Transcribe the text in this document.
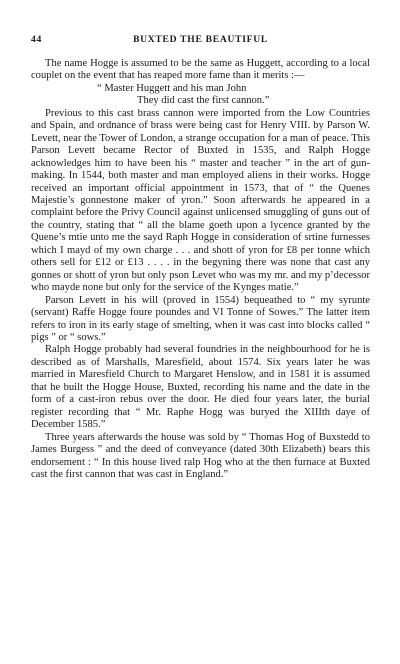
44	BUXTED THE BEAUTIFUL

The name Hogge is assumed to be the same as Huggett, according to a local couplet on the event that has reaped more fame than it merits :—

“ Master Huggett and his man John
They did cast the first cannon.”

Previous to this cast brass cannon were imported from the Low Countries and Spain, and ordnance of brass were being cast for Henry VIII. by Parson W. Levett, near the Tower of London, a strange occupation for a man of peace. This Parson Levett became Rector of Buxted in 1535, and Ralph Hogge acknowledges him to have been his “ master and teacher ” in the art of gun-making. In 1544, both master and man employed aliens in their works. Hogge received an important official appointment in 1573, that of “ the Quenes Majestie’s gonnestone maker of yron.” Soon afterwards he appeared in a complaint before the Privy Council against unlicensed smuggling of guns out of the country, stating that “ all the blame goeth upon a lycence granted by the Quene’s mtie unto me the sayd Raph Hogge in consideration of srtine furnesses which I mayd of my own charge . . . and shott of yron for £8 per tonne which others sell for £12 or £13 . . . . in the begyning there was none that cast any gonnes or shott of yron but only pson Levet who was my mr. and my p’decessor who mayde none but only for the service of the Kynges matie.”

Parson Levett in his will (proved in 1554) bequeathed to “ my syrunte (servant) Raffe Hogge foure poundes and VI Tonne of Sowes.” The latter item refers to iron in its early stage of smelting, when it was cast into blocks called “ pigs ” or “ sows.”

Ralph Hogge probably had several foundries in the neighbourhood for he is described as of Marshalls, Maresfield, about 1574. Six years later he was married in Maresfield Church to Margaret Henslow, and in 1581 it is assumed that he built the Hogge House, Buxted, recording his name and the date in the form of a cast-iron rebus over the door. He died four years later, the burial register recording that “ Mr. Raphe Hogg was buryed the XIIIth daye of December 1585.”

Three years afterwards the house was sold by “ Thomas Hog of Buxstedd to James Burgess ” and the deed of conveyance (dated 30th Elizabeth) bears this endorsement : “ In this house lived ralp Hog who at the then furnace at Buxted cast the first cannon that was cast in England.”
